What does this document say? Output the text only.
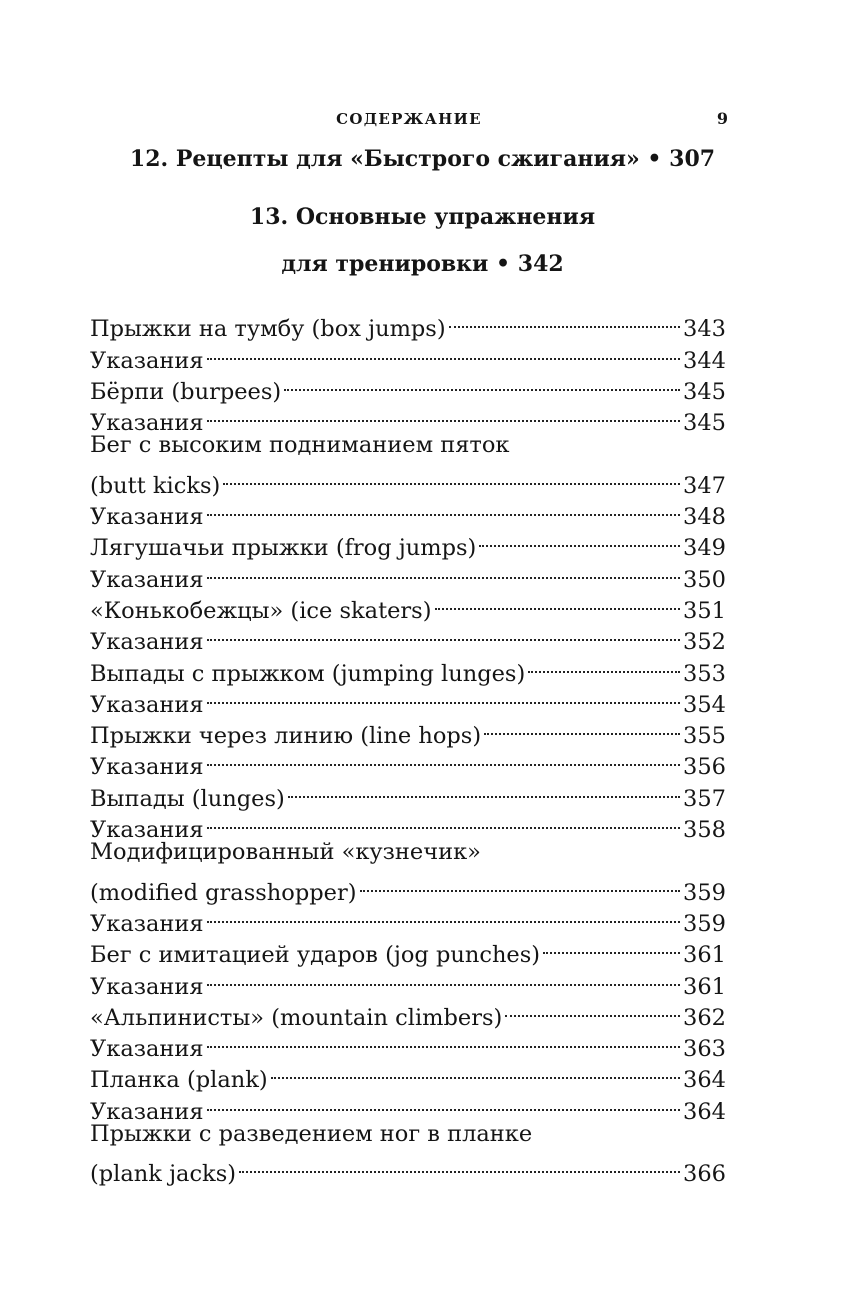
СОДЕРЖАНИЕ	9
12. Рецепты для «Быстрого сжигания» • 307
13. Основные упражнения
для тренировки • 342
Прыжки на тумбу (box jumps)	343
Указания	344
Бёрпи (burpees)	345
Указания	345
Бег с высоким подниманием пяток
(butt kicks)	347
Указания	348
Лягушачьи прыжки (frog jumps)	349
Указания	350
«Конькобежцы» (ice skaters)	351
Указания	352
Выпады с прыжком (jumping lunges)	353
Указания	354
Прыжки через линию (line hops)	355
Указания	356
Выпады (lunges)	357
Указания	358
Модифицированный «кузнечик»
(modified grasshopper)	359
Указания	359
Бег с имитацией ударов (jog punches)	361
Указания	361
«Альпинисты» (mountain climbers)	362
Указания	363
Планка (plank)	364
Указания	364
Прыжки с разведением ног в планке
(plank jacks)	366
